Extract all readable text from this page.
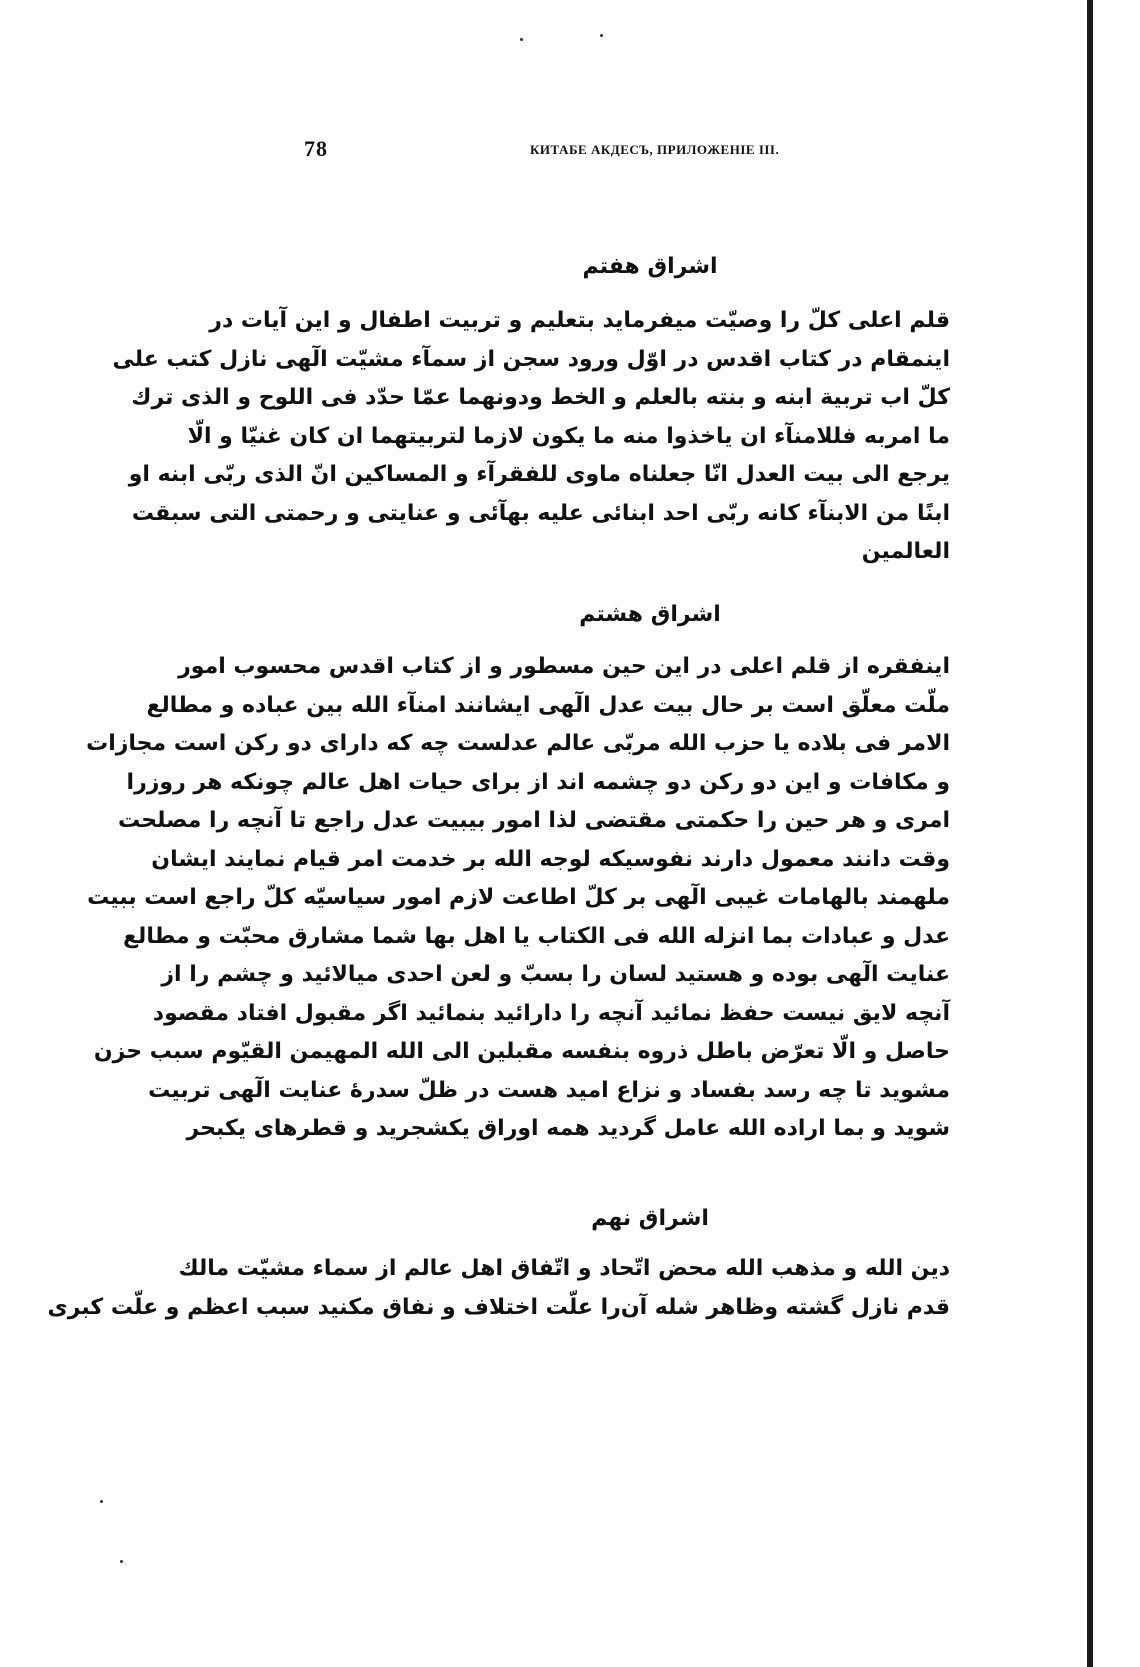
78	КИТАБЕ АКДЕСЪ, ПРИЛОЖЕНІЕ III.
اشراق هفتم
قلم اعلی کلّ را وصیّت میفرماید بتعلیم و تربیت اطفال و این آیات در
اینمقام در کتاب اقدس در اوّل ورود سجن از سمآء مشیّت الٓهی نازل کتب علی
کلّ اب تربیة ابنه و بنته بالعلم و الخط ودونهما عمّا حدّد فی اللوح و الذی ترك
ما امربه فللامنآء ان یاخذوا منه ما یکون لازما لتربیتهما ان کان غنیّا و الّا
یرجع الی بیت العدل انّا جعلناه ماوی للفقرآء و المساکین انّ الذی ربّی ابنه او
ابنًا من الابنآء کانه ربّی احد ابنائی علیه بهآئی و عنایتی و رحمتی التی سبقت
العالمین
اشراق هشتم
اینفقره از قلم اعلی در این حین مسطور و از کتاب اقدس محسوب امور
ملّت معلّق است بر حال بیت عدل الٓهی ایشانند امنآء الله بین عباده و مطالع
الامر فی بلاده یا حزب الله مربّی عالم عدلست چه که دارای دو رکن است مجازات
و مکافات و این دو رکن دو چشمه اند از برای حیات اهل عالم چونکه هر روزرا
امری و هر حین را حکمتی مقتضی لذا امور بیبیت عدل راجع تا آنچه را مصلحت
وقت دانند معمول دارند نفوسیکه لوجه الله بر خدمت امر قیام نمایند ایشان
ملهمند بالهامات غیبی الٓهی بر کلّ اطاعت لازم امور سیاسیّه کلّ راجع است ببیت
عدل و عبادات بما انزله الله فی الکتاب یا اهل بها شما مشارق محبّت و مطالع
عنایت الٓهی بوده و هستید لسان را بسبّ و لعن احدی میالائید و چشم را از
آنچه لایق نیست حفظ نمائید آنچه را دارائید بنمائید اگر مقبول افتاد مقصود
حاصل و الّا تعرّض باطل ذروه بنفسه مقبلین الی الله المهیمن القیّوم سبب حزن
مشوید تا چه رسد بفساد و نزاع امید هست در ظلّ سدرهٔ عنایت الٓهی تربیت
شوید و بما اراده الله عامل گردید همه اوراق یکشجرید و قطرهای یکبحر
اشراق نهم
دین الله و مذهب الله محض اتّحاد و اتّفاق اهل عالم از سماء مشیّت مالك
قدم نازل گشته وظاهر شله آن‌را علّت اختلاف و نفاق مکنید سبب اعظم و علّت کبری
